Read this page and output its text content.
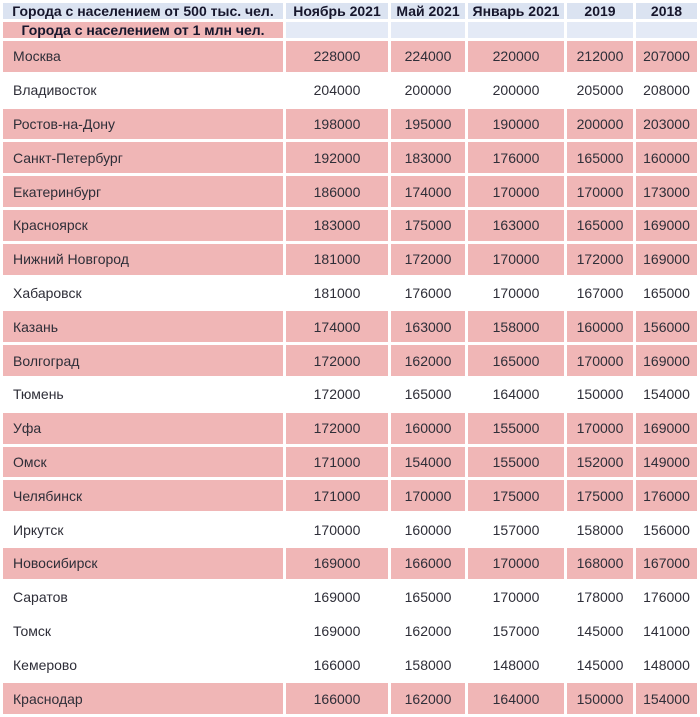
Города с населением от 500 тыс. чел.	Ноябрь 2021	Май 2021	Январь 2021	2019	2018
Города с населением от 1 млн чел.					
Москва	228000	224000	220000	212000	207000
Владивосток	204000	200000	200000	205000	208000
Ростов-на-Дону	198000	195000	190000	200000	203000
Санкт-Петербург	192000	183000	176000	165000	160000
Екатеринбург	186000	174000	170000	170000	173000
Красноярск	183000	175000	163000	165000	169000
Нижний Новгород	181000	172000	170000	172000	169000
Хабаровск	181000	176000	170000	167000	165000
Казань	174000	163000	158000	160000	156000
Волгоград	172000	162000	165000	170000	169000
Тюмень	172000	165000	164000	150000	154000
Уфа	172000	160000	155000	170000	169000
Омск	171000	154000	155000	152000	149000
Челябинск	171000	170000	175000	175000	176000
Иркутск	170000	160000	157000	158000	156000
Новосибирск	169000	166000	170000	168000	167000
Саратов	169000	165000	170000	178000	176000
Томск	169000	162000	157000	145000	141000
Кемерово	166000	158000	148000	145000	148000
Краснодар	166000	162000	164000	150000	154000
